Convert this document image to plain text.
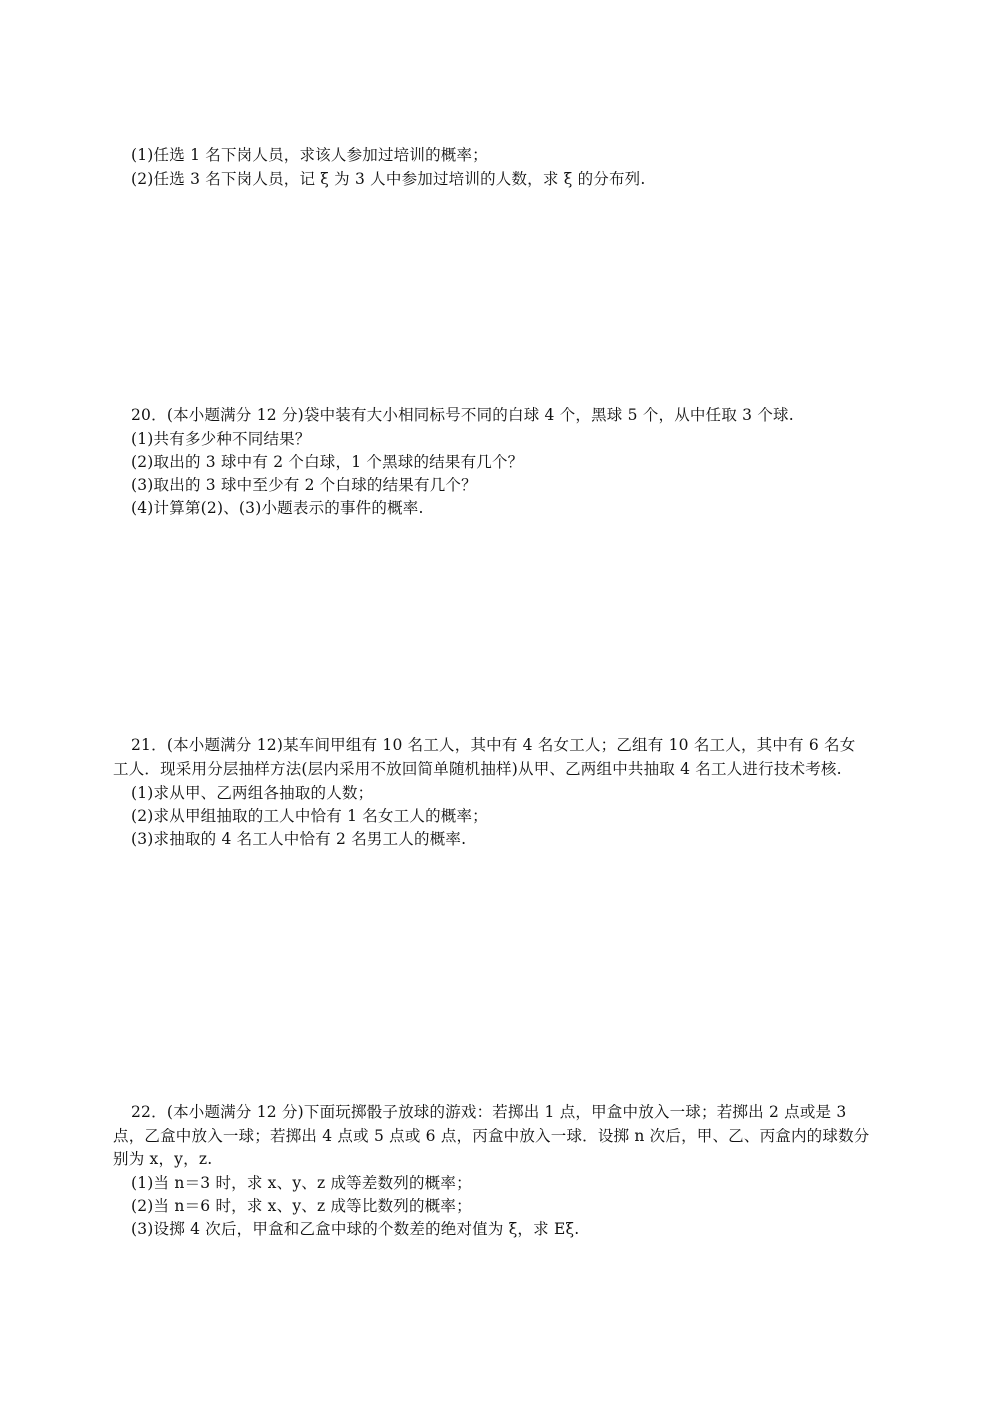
(1)任选 1 名下岗人员，求该人参加过培训的概率；
(2)任选 3 名下岗人员，记 ξ 为 3 人中参加过培训的人数，求 ξ 的分布列.
20．(本小题满分 12 分)袋中装有大小相同标号不同的白球 4 个，黑球 5 个，从中任取 3 个球.
(1)共有多少种不同结果？
(2)取出的 3 球中有 2 个白球，1 个黑球的结果有几个？
(3)取出的 3 球中至少有 2 个白球的结果有几个？
(4)计算第(2)、(3)小题表示的事件的概率.
21．(本小题满分 12)某车间甲组有 10 名工人，其中有 4 名女工人；乙组有 10 名工人，其中有 6 名女
工人．现采用分层抽样方法(层内采用不放回简单随机抽样)从甲、乙两组中共抽取 4 名工人进行技术考核.
(1)求从甲、乙两组各抽取的人数；
(2)求从甲组抽取的工人中恰有 1 名女工人的概率；
(3)求抽取的 4 名工人中恰有 2 名男工人的概率.
22．(本小题满分 12 分)下面玩掷骰子放球的游戏：若掷出 1 点，甲盒中放入一球；若掷出 2 点或是 3
点，乙盒中放入一球；若掷出 4 点或 5 点或 6 点，丙盒中放入一球．设掷 n 次后，甲、乙、丙盒内的球数分
别为 x，y，z.
(1)当 n＝3 时，求 x、y、z 成等差数列的概率；
(2)当 n＝6 时，求 x、y、z 成等比数列的概率；
(3)设掷 4 次后，甲盒和乙盒中球的个数差的绝对值为 ξ，求 Eξ.
